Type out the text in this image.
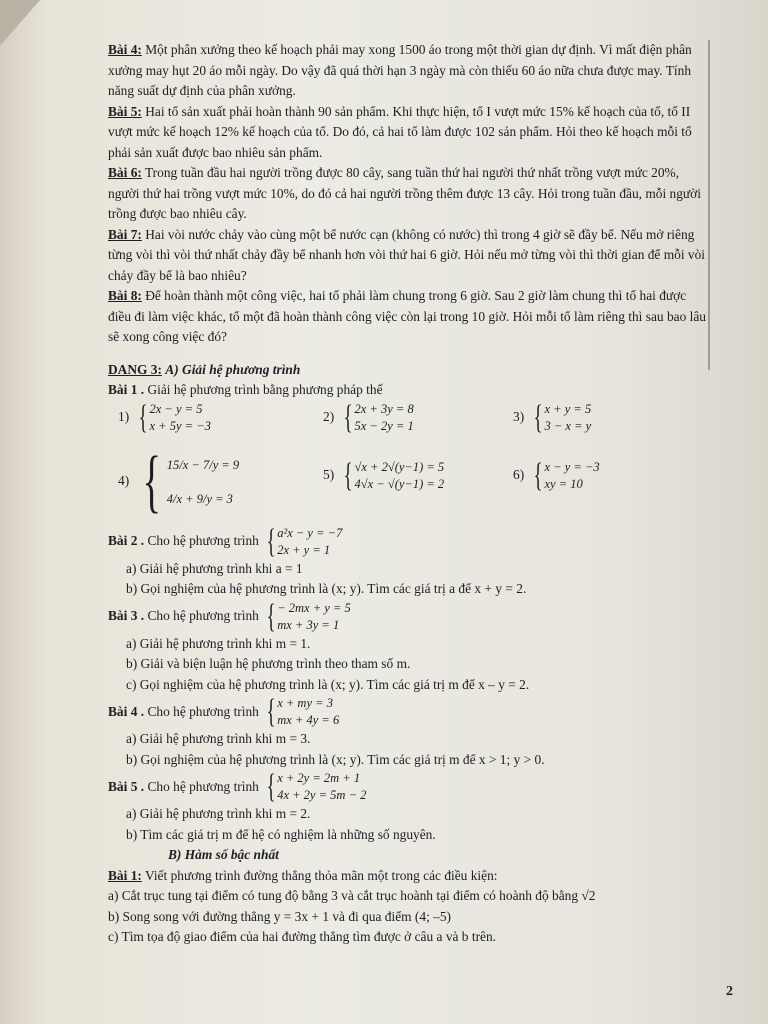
Bài 4: Một phân xưởng theo kế hoạch phải may xong 1500 áo trong một thời gian dự định. Vì mất điện phân xưởng may hụt 20 áo mỗi ngày. Do vậy đã quá thời hạn 3 ngày mà còn thiếu 60 áo nữa chưa được may. Tính năng suất dự định của phân xưởng.

Bài 5: Hai tổ sản xuất phải hoàn thành 90 sản phẩm. Khi thực hiện, tổ I vượt mức 15% kế hoạch của tổ, tổ II vượt mức kế hoạch 12% kế hoạch của tổ. Do đó, cả hai tổ làm được 102 sản phẩm. Hỏi theo kế hoạch mỗi tổ phải sản xuất được bao nhiêu sản phẩm.

Bài 6: Trong tuần đầu hai người trồng được 80 cây, sang tuần thứ hai người thứ nhất trồng vượt mức 20%, người thứ hai trồng vượt mức 10%, do đó cả hai người trồng thêm được 13 cây. Hỏi trong tuần đầu, mỗi người trồng được bao nhiêu cây.

Bài 7: Hai vòi nước chảy vào cùng một bể nước cạn (không có nước) thì trong 4 giờ sẽ đầy bể. Nếu mở riêng từng vòi thì vòi thứ nhất chảy đầy bể nhanh hơn vòi thứ hai 6 giờ. Hỏi nếu mở từng vòi thì thời gian để mỗi vòi chảy đầy bể là bao nhiêu?

Bài 8: Để hoàn thành một công việc, hai tổ phải làm chung trong 6 giờ. Sau 2 giờ làm chung thì tổ hai được điều đi làm việc khác, tổ một đã hoàn thành công việc còn lại trong 10 giờ. Hỏi mỗi tổ làm riêng thì sau bao lâu sẽ xong công việc đó?

DANG 3: A) Giải hệ phương trình

Bài 1 . Giải hệ phương trình bằng phương pháp thế

1) { 2x − y = 5
x + 5y = −3
2) { 2x + 3y = 8
5x − 2y = 1
3) { x + y = 5
3 − x = y
4) { 15/x − 7/y = 9
4/x + 9/y = 3
5) { √x + 2√(y−1) = 5
4√x − √(y−1) = 2
6) { x − y = −3
xy = 10
Bài 2 . Cho hệ phương trình { a²x − y = −7
2x + y = 1

a) Giải hệ phương trình khi a = 1

b) Gọi nghiệm của hệ phương trình là (x; y). Tìm các giá trị a để x + y = 2.

Bài 3 . Cho hệ phương trình { − 2mx + y = 5
mx + 3y = 1

a) Giải hệ phương trình khi m = 1.

b) Giải và biện luận hệ phương trình theo tham số m.

c) Gọi nghiệm của hệ phương trình là (x; y). Tìm các giá trị m để x – y = 2.

Bài 4 . Cho hệ phương trình { x + my = 3
mx + 4y = 6

a) Giải hệ phương trình khi m = 3.

b) Gọi nghiệm của hệ phương trình là (x; y). Tìm các giá trị m để x > 1; y > 0.

Bài 5 . Cho hệ phương trình { x + 2y = 2m + 1
4x + 2y = 5m − 2

a) Giải hệ phương trình khi m = 2.

b) Tìm các giá trị m để hệ có nghiệm là những số nguyên.

B) Hàm số bậc nhất

Bài 1: Viết phương trình đường thẳng thỏa mãn một trong các điều kiện:

a) Cắt trục tung tại điểm có tung độ bằng 3 và cắt trục hoành tại điểm có hoành độ bằng √2

b) Song song với đường thẳng y = 3x + 1 và đi qua điểm (4; –5)

c) Tìm tọa độ giao điểm của hai đường thẳng tìm được ở câu a và b trên.

2
